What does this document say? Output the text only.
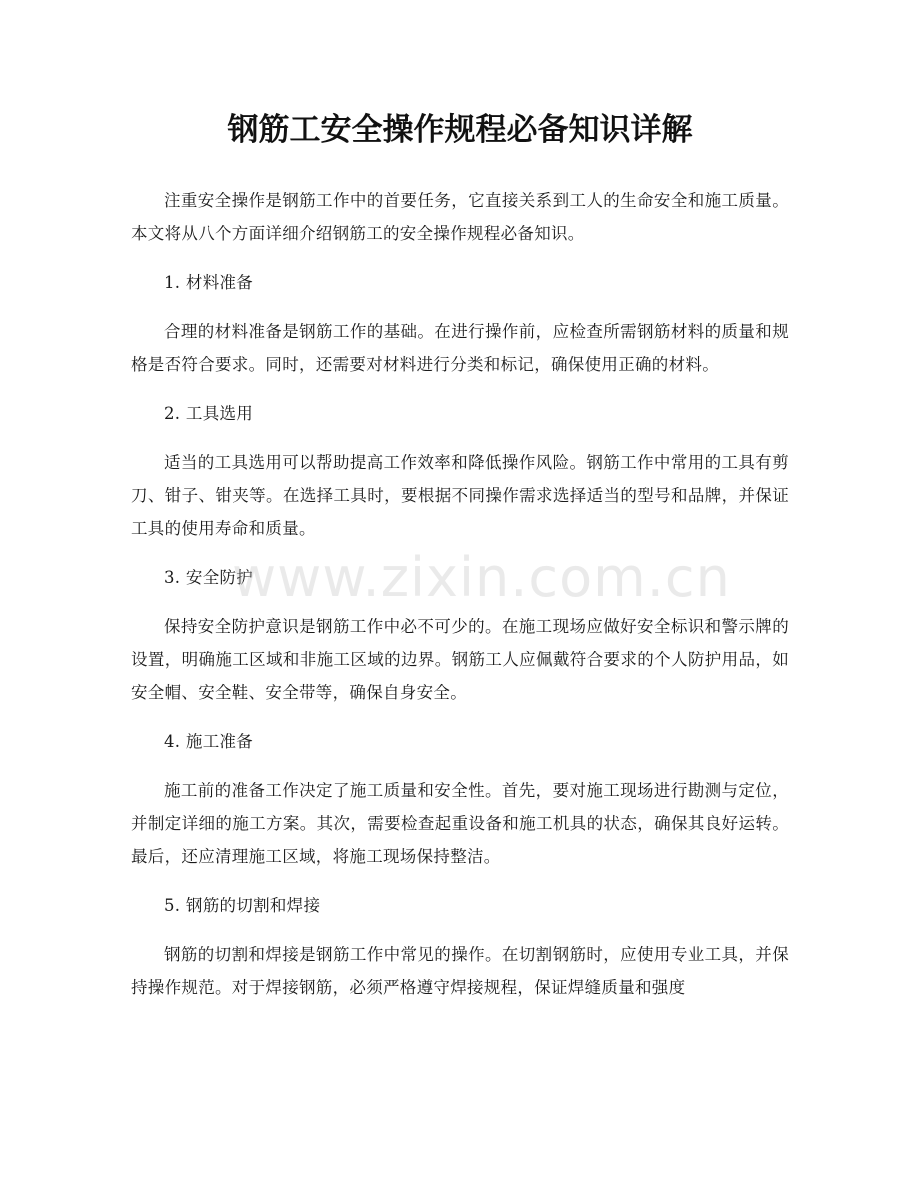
钢筋工安全操作规程必备知识详解

注重安全操作是钢筋工作中的首要任务，它直接关系到工人的生命安全和施工质量。本文将从八个方面详细介绍钢筋工的安全操作规程必备知识。

1. 材料准备

合理的材料准备是钢筋工作的基础。在进行操作前，应检查所需钢筋材料的质量和规格是否符合要求。同时，还需要对材料进行分类和标记，确保使用正确的材料。

2. 工具选用

适当的工具选用可以帮助提高工作效率和降低操作风险。钢筋工作中常用的工具有剪刀、钳子、钳夹等。在选择工具时，要根据不同操作需求选择适当的型号和品牌，并保证工具的使用寿命和质量。

3. 安全防护

保持安全防护意识是钢筋工作中必不可少的。在施工现场应做好安全标识和警示牌的设置，明确施工区域和非施工区域的边界。钢筋工人应佩戴符合要求的个人防护用品，如安全帽、安全鞋、安全带等，确保自身安全。

4. 施工准备

施工前的准备工作决定了施工质量和安全性。首先，要对施工现场进行勘测与定位，并制定详细的施工方案。其次，需要检查起重设备和施工机具的状态，确保其良好运转。最后，还应清理施工区域，将施工现场保持整洁。

5. 钢筋的切割和焊接

钢筋的切割和焊接是钢筋工作中常见的操作。在切割钢筋时，应使用专业工具，并保持操作规范。对于焊接钢筋，必须严格遵守焊接规程，保证焊缝质量和强度

www.zixin.com.cn
